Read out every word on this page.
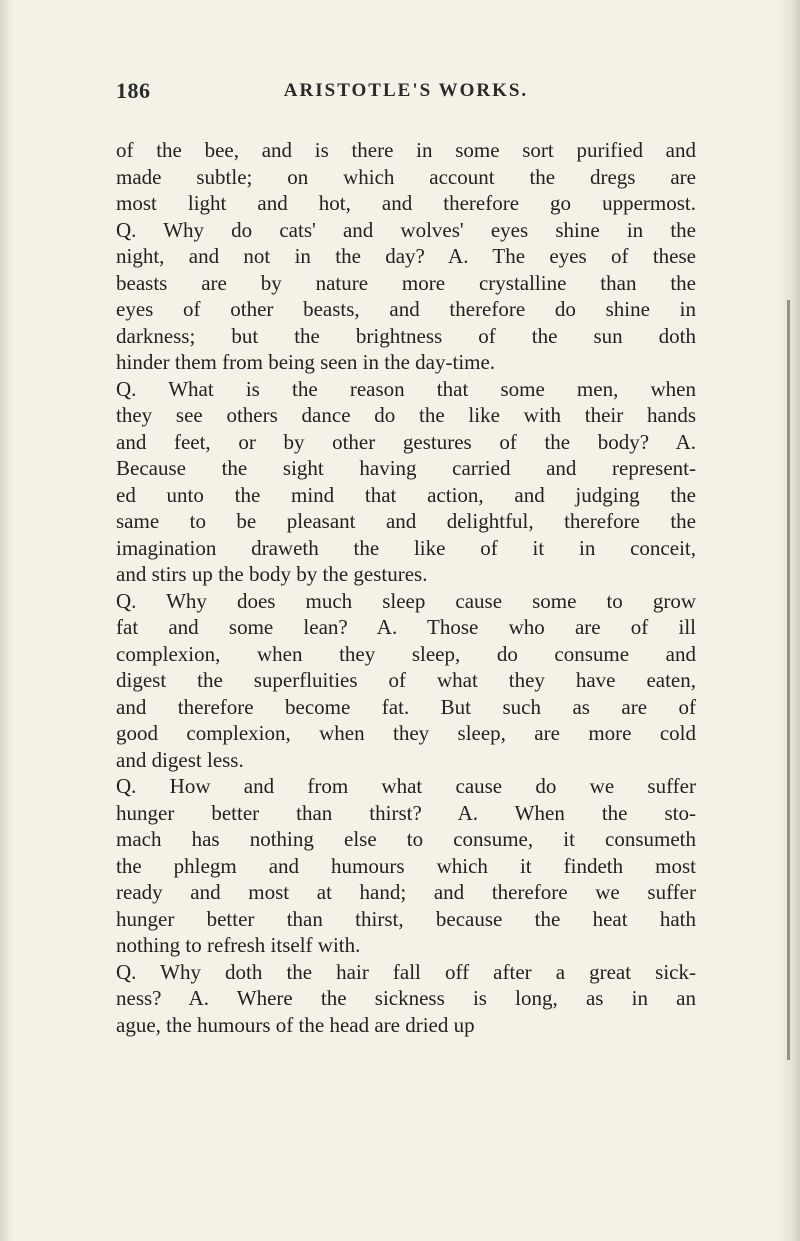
186	ARISTOTLE'S WORKS.
of the bee, and is there in some sort purified and
made subtle; on which account the dregs are
most light and hot, and therefore go uppermost.
Q. Why do cats' and wolves' eyes shine in the
night, and not in the day? A. The eyes of these
beasts are by nature more crystalline than the
eyes of other beasts, and therefore do shine in
darkness; but the brightness of the sun doth
hinder them from being seen in the day-time.
Q. What is the reason that some men, when
they see others dance do the like with their hands
and feet, or by other gestures of the body? A.
Because the sight having carried and represent-
ed unto the mind that action, and judging the
same to be pleasant and delightful, therefore the
imagination draweth the like of it in conceit,
and stirs up the body by the gestures.
Q. Why does much sleep cause some to grow
fat and some lean? A. Those who are of ill
complexion, when they sleep, do consume and
digest the superfluities of what they have eaten,
and therefore become fat. But such as are of
good complexion, when they sleep, are more cold
and digest less.
Q. How and from what cause do we suffer
hunger better than thirst? A. When the sto-
mach has nothing else to consume, it consumeth
the phlegm and humours which it findeth most
ready and most at hand; and therefore we suffer
hunger better than thirst, because the heat hath
nothing to refresh itself with.
Q. Why doth the hair fall off after a great sick-
ness? A. Where the sickness is long, as in an
ague, the humours of the head are dried up
